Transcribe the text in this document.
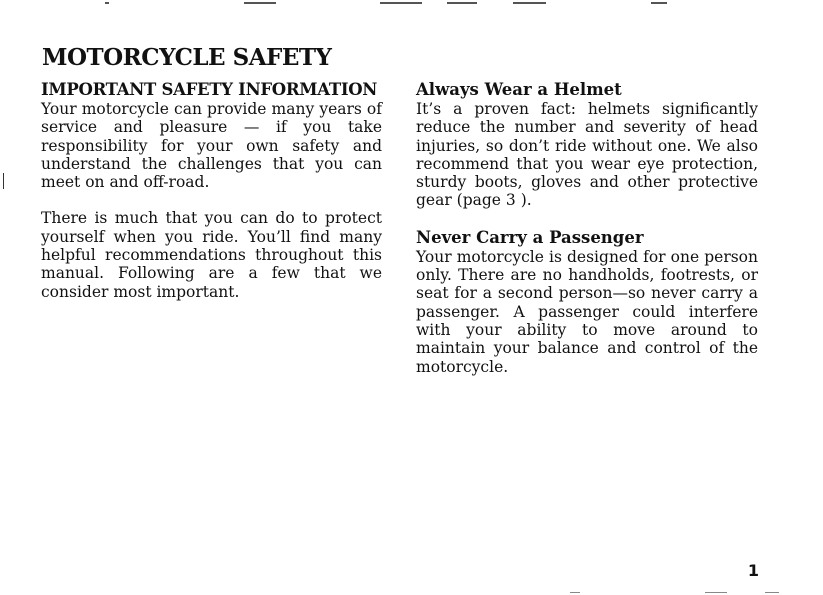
MOTORCYCLE SAFETY
IMPORTANT SAFETY INFORMATION

Your motorcycle can provide many years of service and pleasure — if you take responsibility for your own safety and understand the challenges that you can meet on and off-road.

There is much that you can do to protect yourself when you ride. You’ll find many helpful recommendations throughout this manual. Following are a few that we consider most important.

Always Wear a Helmet

It’s a proven fact: helmets significantly reduce the number and severity of head injuries, so don’t ride without one. We also recommend that you wear eye protection, sturdy boots, gloves and other protective gear (page 3 ).

Never Carry a Passenger

Your motorcycle is designed for one person only. There are no handholds, footrests, or seat for a second person—so never carry a passenger. A passenger could interfere with your ability to move around to maintain your balance and control of the motorcycle.

1
